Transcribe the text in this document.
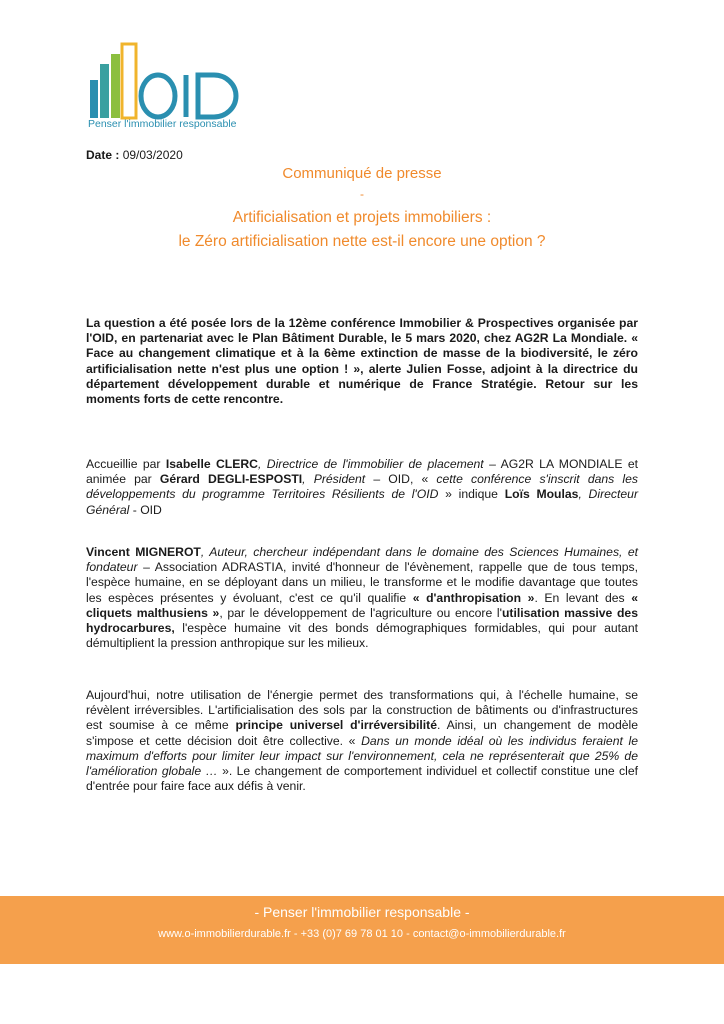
Penser l'immobilier responsable
Date : 09/03/2020
Communiqué de presse
-
Artificialisation et projets immobiliers :
le Zéro artificialisation nette est-il encore une option ?

La question a été posée lors de la 12ème conférence Immobilier & Prospectives organisée par l'OID, en partenariat avec le Plan Bâtiment Durable, le 5 mars 2020, chez AG2R La Mondiale. « Face au changement climatique et à la 6ème extinction de masse de la biodiversité, le zéro artificialisation nette n'est plus une option ! », alerte Julien Fosse, adjoint à la directrice du département développement durable et numérique de France Stratégie. Retour sur les moments forts de cette rencontre.

Accueillie par Isabelle CLERC, Directrice de l'immobilier de placement – AG2R LA MONDIALE et animée par Gérard DEGLI-ESPOSTI, Président – OID, « cette conférence s'inscrit dans les développements du programme Territoires Résilients de l'OID » indique Loïs Moulas, Directeur Général - OID

Vincent MIGNEROT, Auteur, chercheur indépendant dans le domaine des Sciences Humaines, et fondateur – Association ADRASTIA, invité d'honneur de l'évènement, rappelle que de tous temps, l'espèce humaine, en se déployant dans un milieu, le transforme et le modifie davantage que toutes les espèces présentes y évoluant, c'est ce qu'il qualifie « d'anthropisation ». En levant des « cliquets malthusiens », par le développement de l'agriculture ou encore l'utilisation massive des hydrocarbures, l'espèce humaine vit des bonds démographiques formidables, qui pour autant démultiplient la pression anthropique sur les milieux.

Aujourd'hui, notre utilisation de l'énergie permet des transformations qui, à l'échelle humaine, se révèlent irréversibles. L'artificialisation des sols par la construction de bâtiments ou d'infrastructures est soumise à ce même principe universel d'irréversibilité. Ainsi, un changement de modèle s'impose et cette décision doit être collective. « Dans un monde idéal où les individus feraient le maximum d'efforts pour limiter leur impact sur l'environnement, cela ne représenterait que 25% de l'amélioration globale … ». Le changement de comportement individuel et collectif constitue une clef d'entrée pour faire face aux défis à venir.

- Penser l'immobilier responsable -
www.o-immobilierdurable.fr - +33 (0)7 69 78 01 10 - contact@o-immobilierdurable.fr
